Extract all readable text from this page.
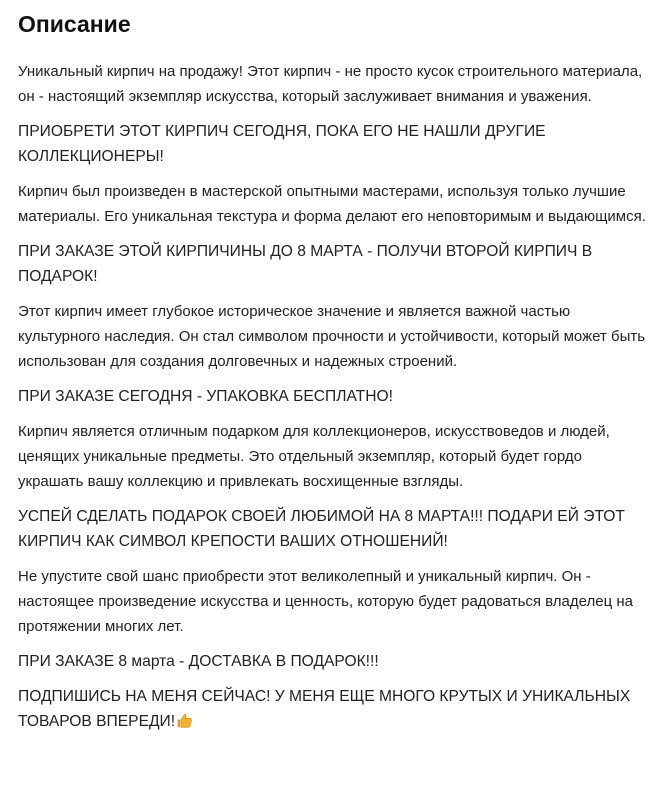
Описание

Уникальный кирпич на продажу! Этот кирпич - не просто кусок строительного материала, он - настоящий экземпляр искусства, который заслуживает внимания и уважения.

ПРИОБРЕТИ ЭТОТ КИРПИЧ СЕГОДНЯ, ПОКА ЕГО НЕ НАШЛИ ДРУГИЕ КОЛЛЕКЦИОНЕРЫ!

Кирпич был произведен в мастерской опытными мастерами, используя только лучшие материалы. Его уникальная текстура и форма делают его неповторимым и выдающимся.

ПРИ ЗАКАЗЕ ЭТОЙ КИРПИЧИНЫ ДО 8 МАРТА - ПОЛУЧИ ВТОРОЙ КИРПИЧ В ПОДАРОК!

Этот кирпич имеет глубокое историческое значение и является важной частью культурного наследия. Он стал символом прочности и устойчивости, который может быть использован для создания долговечных и надежных строений.

ПРИ ЗАКАЗЕ СЕГОДНЯ - УПАКОВКА БЕСПЛАТНО!

Кирпич является отличным подарком для коллекционеров, искусствоведов и людей, ценящих уникальные предметы. Это отдельный экземпляр, который будет гордо украшать вашу коллекцию и привлекать восхищенные взгляды.

УСПЕЙ СДЕЛАТЬ ПОДАРОК СВОЕЙ ЛЮБИМОЙ НА 8 МАРТА!!! ПОДАРИ ЕЙ ЭТОТ КИРПИЧ КАК СИМВОЛ КРЕПОСТИ ВАШИХ ОТНОШЕНИЙ!

Не упустите свой шанс приобрести этот великолепный и уникальный кирпич. Он - настоящее произведение искусства и ценность, которую будет радоваться владелец на протяжении многих лет.

ПРИ ЗАКАЗЕ 8 марта - ДОСТАВКА В ПОДАРОК!!!

ПОДПИШИСЬ НА МЕНЯ СЕЙЧАС! У МЕНЯ ЕЩЕ МНОГО КРУТЫХ И УНИКАЛЬНЫХ ТОВАРОВ ВПЕРЕДИ!
